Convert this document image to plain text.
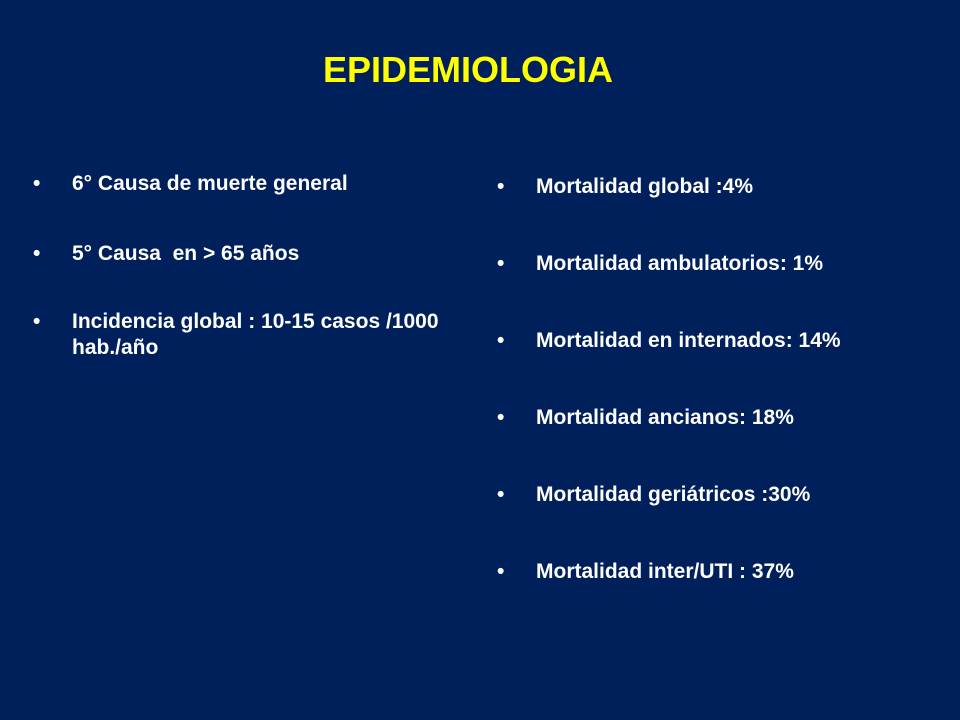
EPIDEMIOLOGIA
• 6° Causa de muerte general
• 5° Causa  en > 65 años
• Incidencia global : 10-15 casos /1000 hab./año
• Mortalidad global :4%
• Mortalidad ambulatorios: 1%
• Mortalidad en internados: 14%
• Mortalidad ancianos: 18%
• Mortalidad geriátricos :30%
• Mortalidad inter/UTI : 37%
